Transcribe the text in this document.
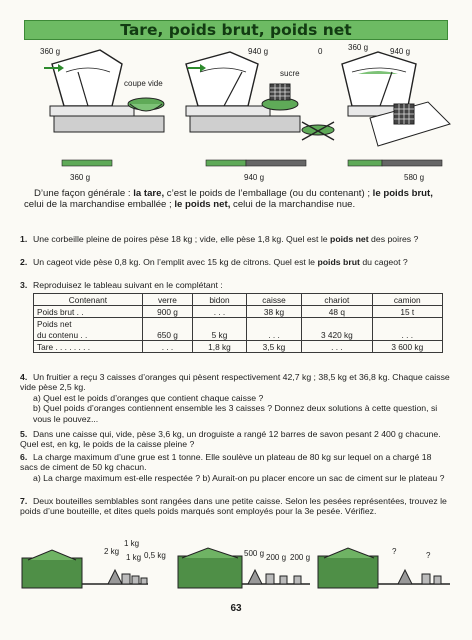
Tare, poids brut, poids net
360 g
coupe vide
940 g
sucre
0	360 g	940 g
360 g	940 g	580 g
D’une façon générale : la tare, c’est le poids de l’emballage (ou du contenant) ; le poids brut, celui de la marchandise emballée ; le poids net, celui de la marchandise nue.
1. Une corbeille pleine de poires pèse 18 kg ; vide, elle pèse 1,8 kg. Quel est le poids net des poires ?
2. Un cageot vide pèse 0,8 kg. On l’emplit avec 15 kg de citrons. Quel est le poids brut du cageot ?
3. Reproduisez le tableau suivant en le complétant :
Contenant	verre	bidon	caisse	chariot	camion
Poids brut . .	900 g	. . .	38 kg	48 q	15 t
Poids net					
du contenu . .	650 g	5 kg	. . .	3 420 kg	. . .
Tare . . . . . . . .	. . .	1,8 kg	3,5 kg	. . .	3 600 kg
4. Un fruitier a reçu 3 caisses d’oranges qui pèsent respectivement 42,7 kg ; 38,5 kg et 36,8 kg. Chaque caisse vide pèse 2,5 kg.
a) Quel est le poids d’oranges que contient chaque caisse ?
b) Quel poids d’oranges contiennent ensemble les 3 caisses ? Donnez deux solutions à cette question, si vous le pouvez...
5. Dans une caisse qui, vide, pèse 3,6 kg, un droguiste a rangé 12 barres de savon pesant 2 400 g chacune. Quel est, en kg, le poids de la caisse pleine ?
6. La charge maximum d’une grue est 1 tonne. Elle soulève un plateau de 80 kg sur lequel on a chargé 18 sacs de ciment de 50 kg chacun.
a) La charge maximum est-elle respectée ? b) Aurait-on pu placer encore un sac de ciment sur le plateau ?
7. Deux bouteilles semblables sont rangées dans une petite caisse. Selon les pesées représentées, trouvez le poids d’une bouteille, et dites quels poids marqués sont employés pour la 3e pesée. Vérifiez.
2 kg
1 kg
1 kg 0,5 kg	500 g 200 g 200 g
?	?
63
